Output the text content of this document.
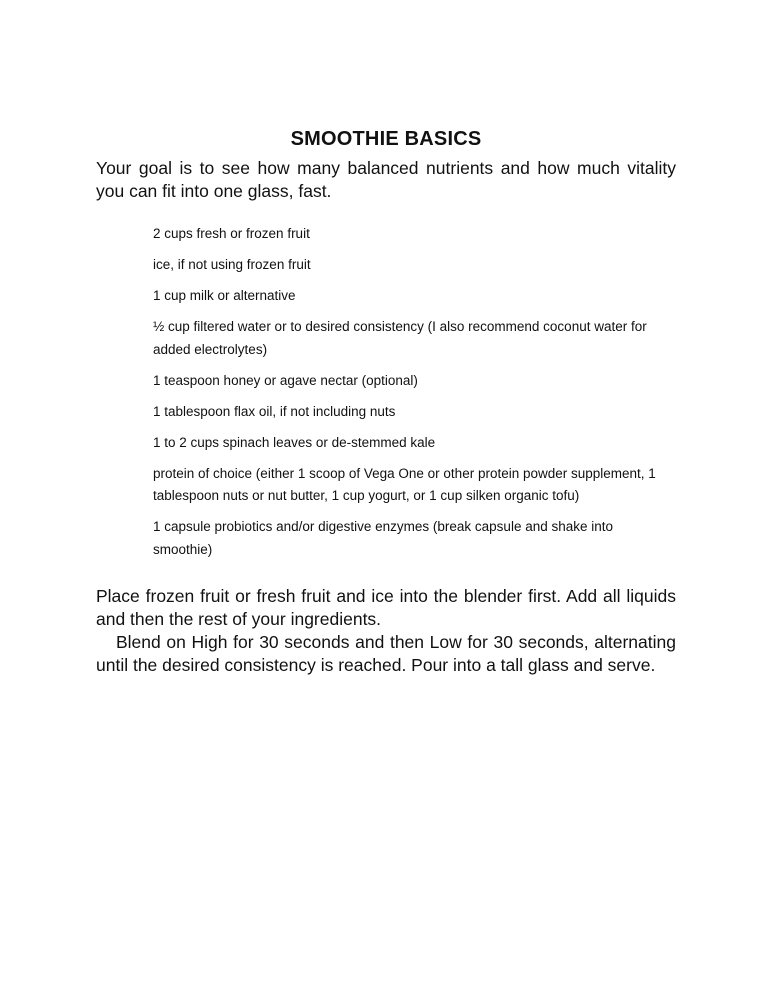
SMOOTHIE BASICS

Your goal is to see how many balanced nutrients and how much vitality you can fit into one glass, fast.

2 cups fresh or frozen fruit
ice, if not using frozen fruit
1 cup milk or alternative
½ cup filtered water or to desired consistency (I also recommend coconut water for added electrolytes)
1 teaspoon honey or agave nectar (optional)
1 tablespoon flax oil, if not including nuts
1 to 2 cups spinach leaves or de-stemmed kale
protein of choice (either 1 scoop of Vega One or other protein powder supplement, 1 tablespoon nuts or nut butter, 1 cup yogurt, or 1 cup silken organic tofu)
1 capsule probiotics and/or digestive enzymes (break capsule and shake into smoothie)

Place frozen fruit or fresh fruit and ice into the blender first. Add all liquids and then the rest of your ingredients.

Blend on High for 30 seconds and then Low for 30 seconds, alternating until the desired consistency is reached. Pour into a tall glass and serve.
